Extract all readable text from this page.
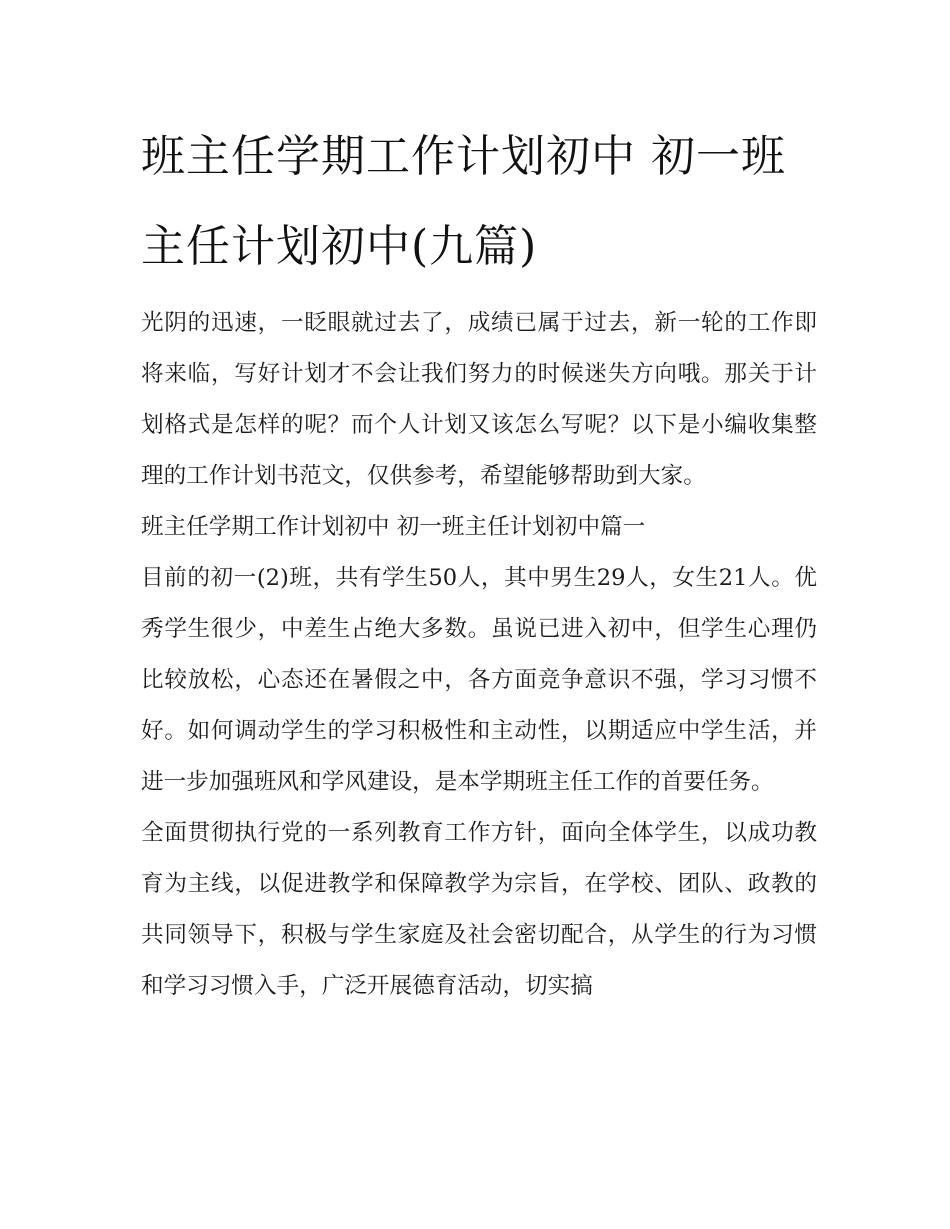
班主任学期工作计划初中 初一班主任计划初中(九篇)

光阴的迅速，一眨眼就过去了，成绩已属于过去，新一轮的工作即将来临，写好计划才不会让我们努力的时候迷失方向哦。那关于计划格式是怎样的呢？而个人计划又该怎么写呢？以下是小编收集整理的工作计划书范文，仅供参考，希望能够帮助到大家。

班主任学期工作计划初中 初一班主任计划初中篇一

目前的初一(2)班，共有学生50人，其中男生29人，女生21人。优秀学生很少，中差生占绝大多数。虽说已进入初中，但学生心理仍比较放松，心态还在暑假之中，各方面竞争意识不强，学习习惯不好。如何调动学生的学习积极性和主动性，以期适应中学生活，并进一步加强班风和学风建设，是本学期班主任工作的首要任务。

全面贯彻执行党的一系列教育工作方针，面向全体学生，以成功教育为主线，以促进教学和保障教学为宗旨，在学校、团队、政教的共同领导下，积极与学生家庭及社会密切配合，从学生的行为习惯和学习习惯入手，广泛开展德育活动，切实搞
